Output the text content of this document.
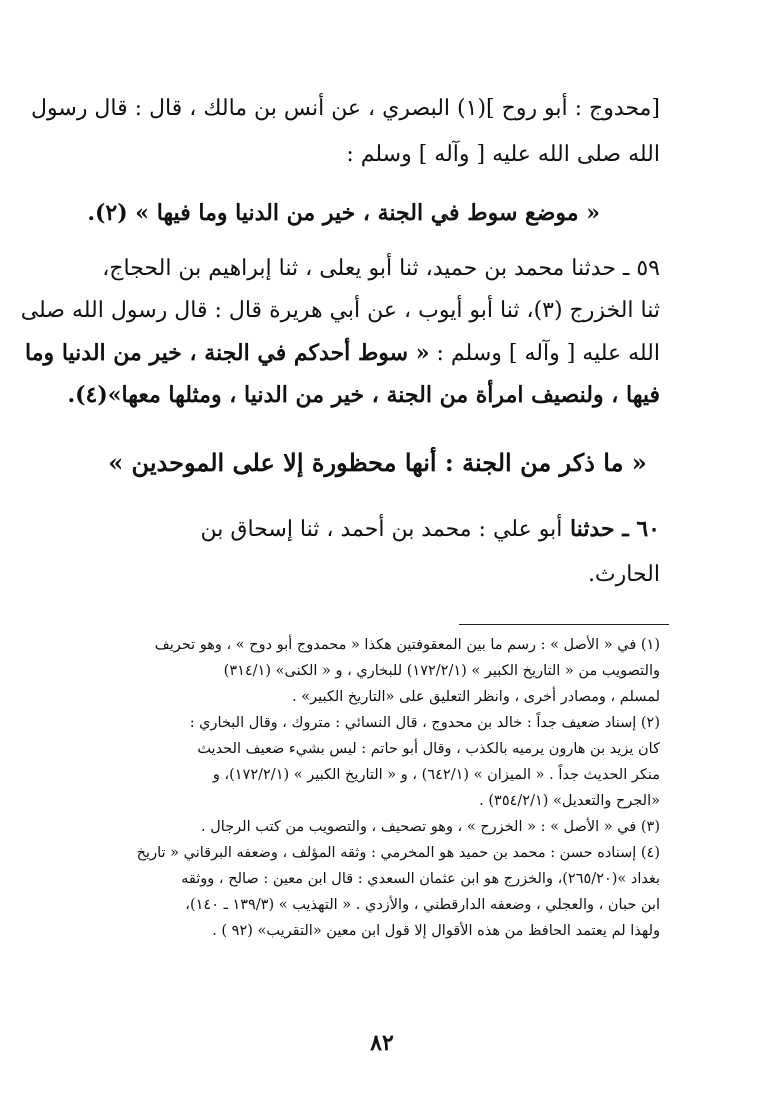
[محدوج : أبو روح ](١) البصري ، عن أنس بن مالك ، قال : قال رسول
الله صلى الله عليه [ وآله ] وسلم :
« موضع سوط في الجنة ، خير من الدنيا وما فيها » (٢).
٥٩ ـ حدثنا محمد بن حميد، ثنا أبو يعلى ، ثنا إبراهيم بن الحجاج،
ثنا الخزرج (٣)، ثنا أبو أيوب ، عن أبي هريرة قال : قال رسول الله صلى
الله عليه [ وآله ] وسلم : « سوط أحدكم في الجنة ، خير من الدنيا وما
فيها ، ولنصيف امرأة من الجنة ، خير من الدنيا ، ومثلها معها»(٤).
« ما ذكر من الجنة : أنها محظورة إلا على الموحدين »
٦٠ ـ حدثنا أبو علي : محمد بن أحمد ، ثنا إسحاق بن
الحارث.
(١) في « الأصل » : رسم ما بين المعقوفتين هكذا « محمدوج أبو دوح » ، وهو تحريف
والتصويب من « التاريخ الكبير » (١٧٢/٢/١) للبخاري ، و « الكنى» (٣١٤/١)
لمسلم ، ومصادر أخرى ، وانظر التعليق على «التاريخ الكبير» .
(٢) إسناد ضعيف جداً : خالد بن محدوج ، قال النسائي : متروك ، وقال البخاري :
كان يزيد بن هارون يرميه بالكذب ، وقال أبو حاتم : ليس بشيء ضعيف الحديث
منكر الحديث جداً . « الميزان » (٦٤٢/١) ، و « التاريخ الكبير » (١٧٢/٢/١)، و
«الجرح والتعديل» (٣٥٤/٢/١) .
(٣) في « الأصل » : « الخزرح » ، وهو تصحيف ، والتصويب من كتب الرجال .
(٤) إسناده حسن : محمد بن حميد هو المخرمي : وثقه المؤلف ، وضعفه البرقاني « تاريخ
بغداد »(٢٦٥/٢٠)، والخزرج هو ابن عثمان السعدي : قال ابن معين : صالح ، ووثقه
ابن حبان ، والعجلي ، وضعفه الدارقطني ، والأزدي . « التهذيب » (١٣٩/٣ ـ ١٤٠)،
ولهذا لم يعتمد الحافظ من هذه الأقوال إلا قول ابن معين «التقريب» (٩٢ ) .
٨٢
